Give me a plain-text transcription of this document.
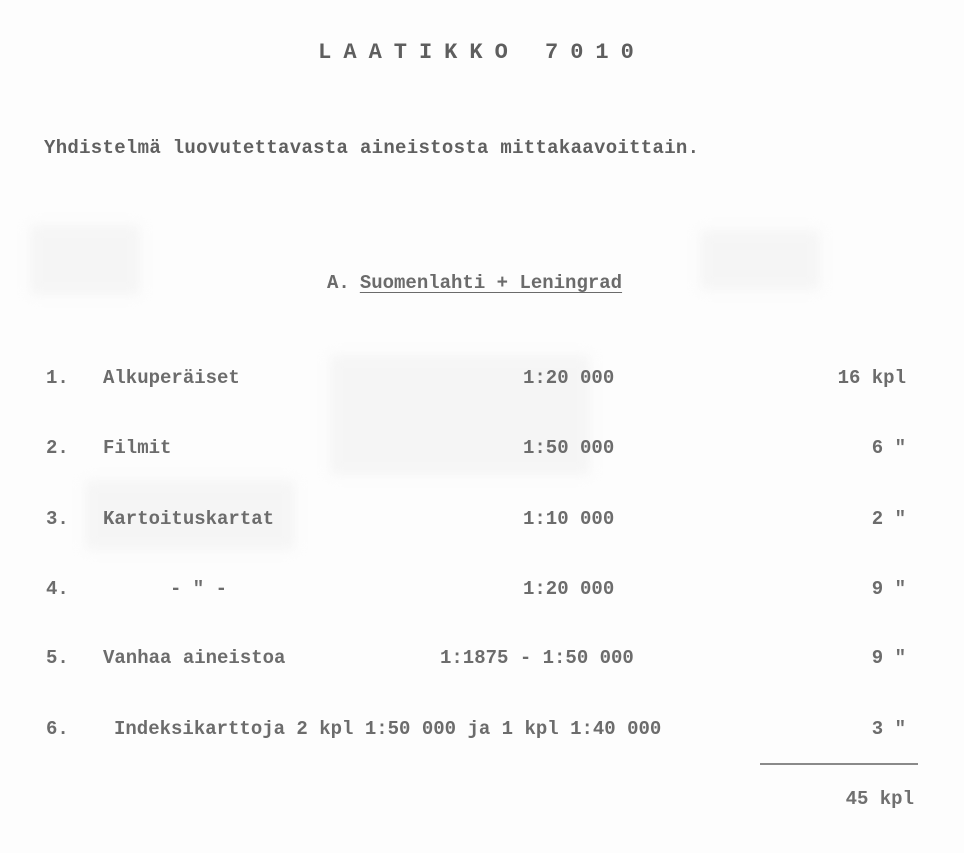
LAATIKKO 7010
Yhdistelmä luovutettavasta aineistosta mittakaavoittain.
A. Suomenlahti + Leningrad
1. Alkuperäiset	1:20 000	16 kpl
2. Filmit	1:50 000	6 "
3. Kartoituskartat	1:10 000	2 "
4.	- " -	1:20 000	9 "
5. Vanhaa aineistoa	1:1875 - 1:50 000	9 "
6. Indeksikarttoja 2 kpl 1:50 000 ja 1 kpl 1:40 000	3 "
45 kpl
